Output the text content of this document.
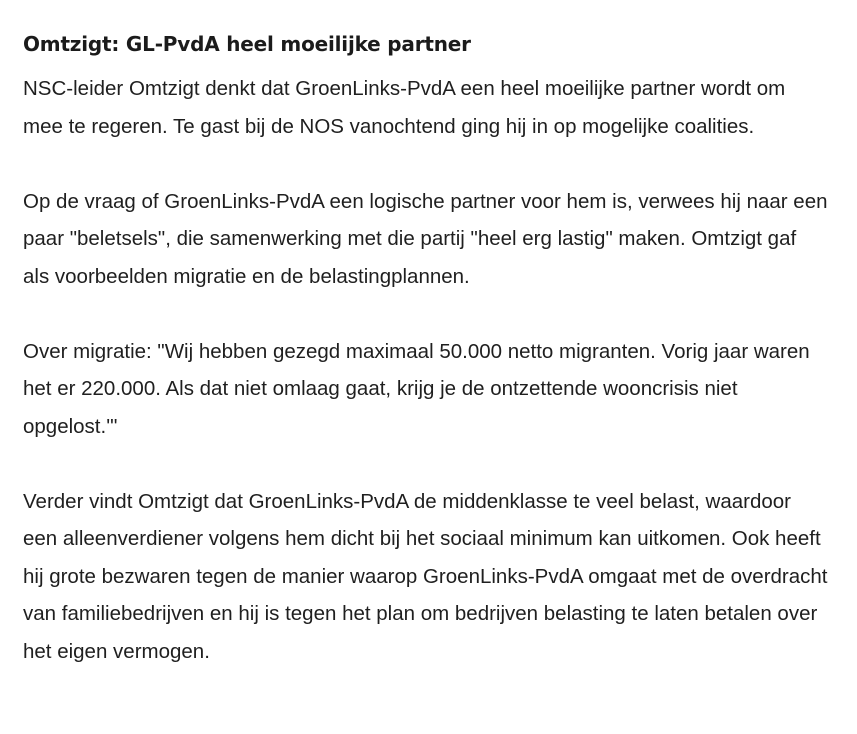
Omtzigt: GL-PvdA heel moeilijke partner

NSC-leider Omtzigt denkt dat GroenLinks-PvdA een heel moeilijke partner wordt om mee te regeren. Te gast bij de NOS vanochtend ging hij in op mogelijke coalities.

Op de vraag of GroenLinks-PvdA een logische partner voor hem is, verwees hij naar een paar "beletsels", die samenwerking met die partij "heel erg lastig" maken. Omtzigt gaf als voorbeelden migratie en de belastingplannen.

Over migratie: "Wij hebben gezegd maximaal 50.000 netto migranten. Vorig jaar waren het er 220.000. Als dat niet omlaag gaat, krijg je de ontzettende wooncrisis niet opgelost.'"

Verder vindt Omtzigt dat GroenLinks-PvdA de middenklasse te veel belast, waardoor een alleenverdiener volgens hem dicht bij het sociaal minimum kan uitkomen. Ook heeft hij grote bezwaren tegen de manier waarop GroenLinks-PvdA omgaat met de overdracht van familiebedrijven en hij is tegen het plan om bedrijven belasting te laten betalen over het eigen vermogen.
